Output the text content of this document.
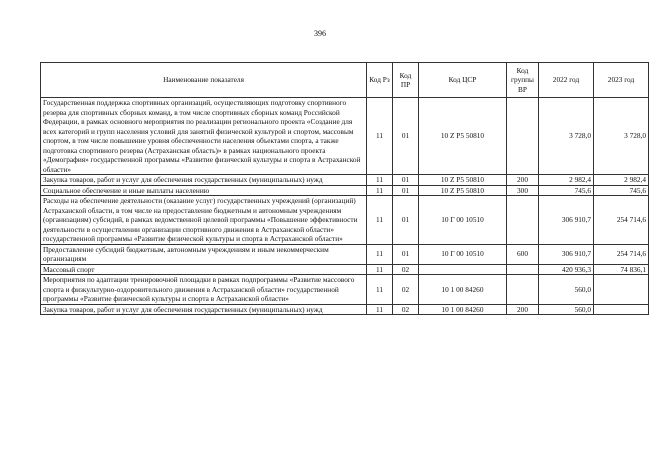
396
Наименование показателя	Код Рз	Код ПР	Код ЦСР	Код группы ВР	2022 год	2023 год
Государственная поддержка спортивных организаций, осуществляющих подготовку спортивного резерва для спортивных сборных команд, в том числе спортивных сборных команд Российской Федерации, в рамках основного мероприятия по реализации регионального проекта «Создание для всех категорий и групп населения условий для занятий физической культурой и спортом, массовым спортом, в том числе повышение уровня обеспеченности населения объектами спорта, а также подготовка спортивного резерва (Астраханская область)» в рамках национального проекта «Демография» государственной программы «Развитие физической культуры и спорта в Астраханской области»	11	01	10 Z P5 50810		3 728,0	3 728,0
Закупка товаров, работ и услуг для обеспечения государственных (муниципальных) нужд	11	01	10 Z P5 50810	200	2 982,4	2 982,4
Социальное обеспечение и иные выплаты населению	11	01	10 Z P5 50810	300	745,6	745,6
Расходы на обеспечение деятельности (оказание услуг) государственных учреждений (организаций) Астраханской области, в том числе на предоставление бюджетным и автономным учреждениям (организациям) субсидий, в рамках ведомственной целевой программы «Повышение эффективности деятельности в осуществлении организации спортивного движения в Астраханской области» государственной программы «Развитие физической культуры и спорта в Астраханской области»	11	01	10 Г 00 10510		306 910,7	254 714,6
Предоставление субсидий бюджетным, автономным учреждениям и иным некоммерческим организациям	11	01	10 Г 00 10510	600	306 910,7	254 714,6
Массовый спорт	11	02			420 936,3	74 836,1
Мероприятия по адаптации тренировочной площадки в рамках подпрограммы «Развитие массового спорта и физкультурно-оздоровительного движения в Астраханской области» государственной программы «Развитие физической культуры и спорта в Астраханской области»	11	02	10 1 00 84260		560,0	
Закупка товаров, работ и услуг для обеспечения государственных (муниципальных) нужд	11	02	10 1 00 84260	200	560,0	
